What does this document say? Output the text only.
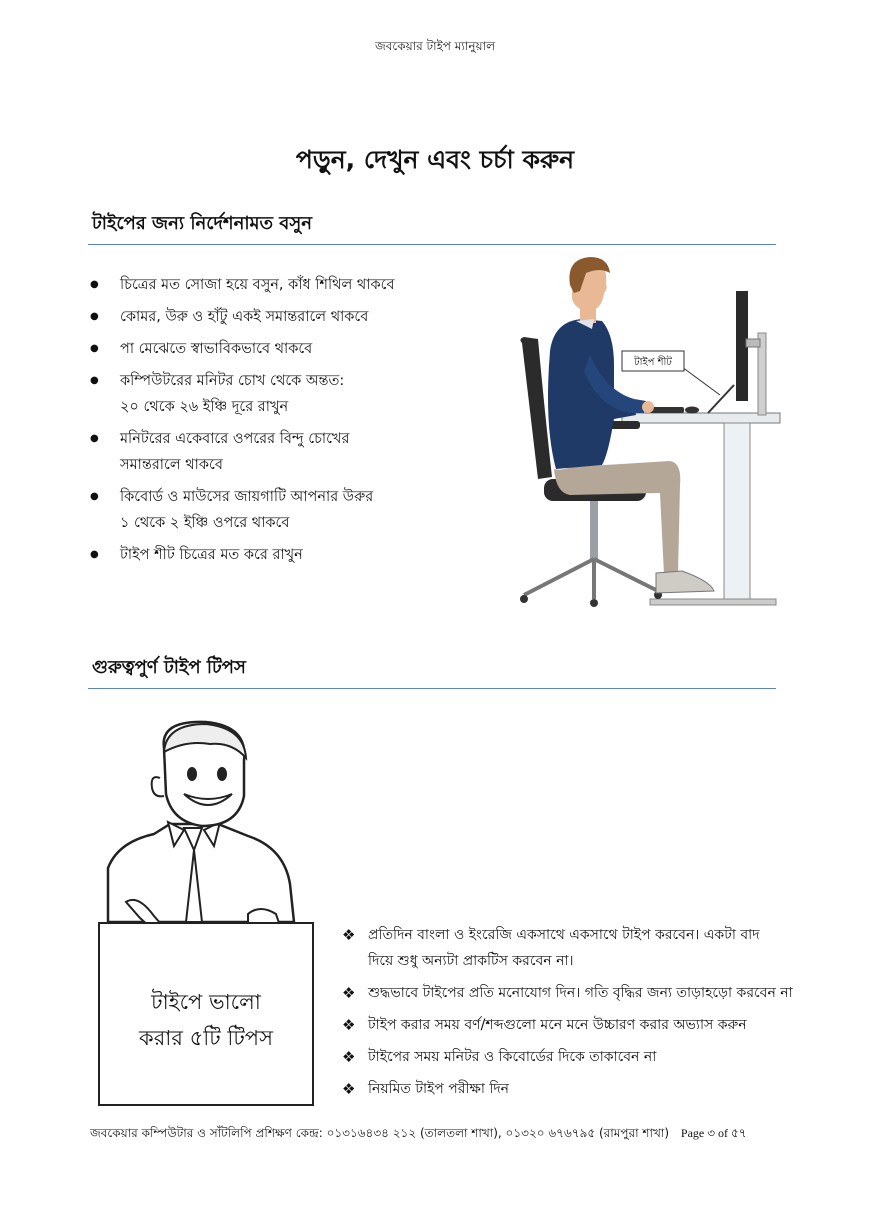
জবকেয়ার টাইপ ম্যানুয়াল
পড়ুন, দেখুন এবং চর্চা করুন
টাইপের জন্য নির্দেশনামত বসুন
● চিত্রের মত সোজা হয়ে বসুন, কাঁধ শিথিল থাকবে
● কোমর, উরু ও হাঁটু একই সমান্তরালে থাকবে
● পা মেঝেতে স্বাভাবিকভাবে থাকবে
● কম্পিউটরের মনিটর চোখ থেকে অন্তত:
২০ থেকে ২৬ ইঞ্চি দূরে রাখুন
● মনিটরের একেবারে ওপরের বিন্দু চোখের
সমান্তরালে থাকবে
● কিবোর্ড ও মাউসের জায়গাটি আপনার উরুর
১ থেকে ২ ইঞ্চি ওপরে থাকবে
● টাইপ শীট চিত্রের মত করে রাখুন
টাইপ শীট
গুরুত্বপুর্ণ টাইপ টিপস
টাইপে ভালো
করার ৫টি টিপস
❖ প্রতিদিন বাংলা ও ইংরেজি একসাথে একসাথে টাইপ করবেন। একটা বাদ
দিয়ে শুধু অন্যটা প্রাকটিস করবেন না।
❖ শুদ্ধভাবে টাইপের প্রতি মনোযোগ দিন। গতি বৃদ্ধির জন্য তাড়াহড়ো করবেন না
❖ টাইপ করার সময় বর্ণ/শব্দগুলো মনে মনে উচ্চারণ করার অভ্যাস করুন
❖ টাইপের সময় মনিটর ও কিবোর্ডের দিকে তাকাবেন না
❖ নিয়মিত টাইপ পরীক্ষা দিন
জবকেয়ার কম্পিউটার ও সাঁটলিপি প্রশিক্ষণ কেন্দ্র: ০১৩১৬৪৩৪ ২১২ (তালতলা শাখা), ০১৩২০ ৬৭৬৭৯৫ (রামপুরা শাখা) Page ৩ of ৫৭
